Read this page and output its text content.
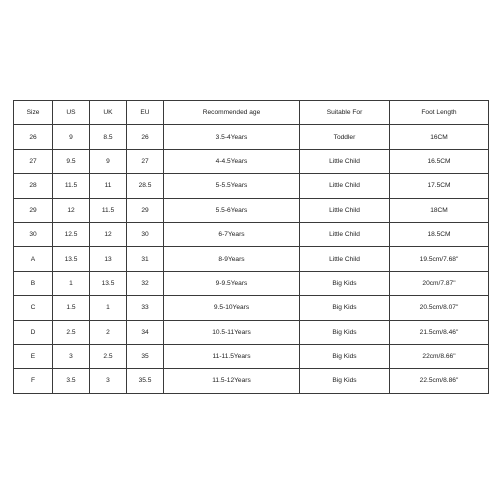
Size	US	UK	EU	Recommended age	Suitable For	Foot Length
26	9	8.5	26	3.5-4Years	Toddler	16CM
27	9.5	9	27	4-4.5Years	Little Child	16.5CM
28	11.5	11	28.5	5-5.5Years	Little Child	17.5CM
29	12	11.5	29	5.5-6Years	Little Child	18CM
30	12.5	12	30	6-7Years	Little Child	18.5CM
A	13.5	13	31	8-9Years	Little Child	19.5cm/7.68"
B	1	13.5	32	9-9.5Years	Big Kids	20cm/7.87"
C	1.5	1	33	9.5-10Years	Big Kids	20.5cm/8.07"
D	2.5	2	34	10.5-11Years	Big Kids	21.5cm/8.46"
E	3	2.5	35	11-11.5Years	Big Kids	22cm/8.66"
F	3.5	3	35.5	11.5-12Years	Big Kids	22.5cm/8.86"
